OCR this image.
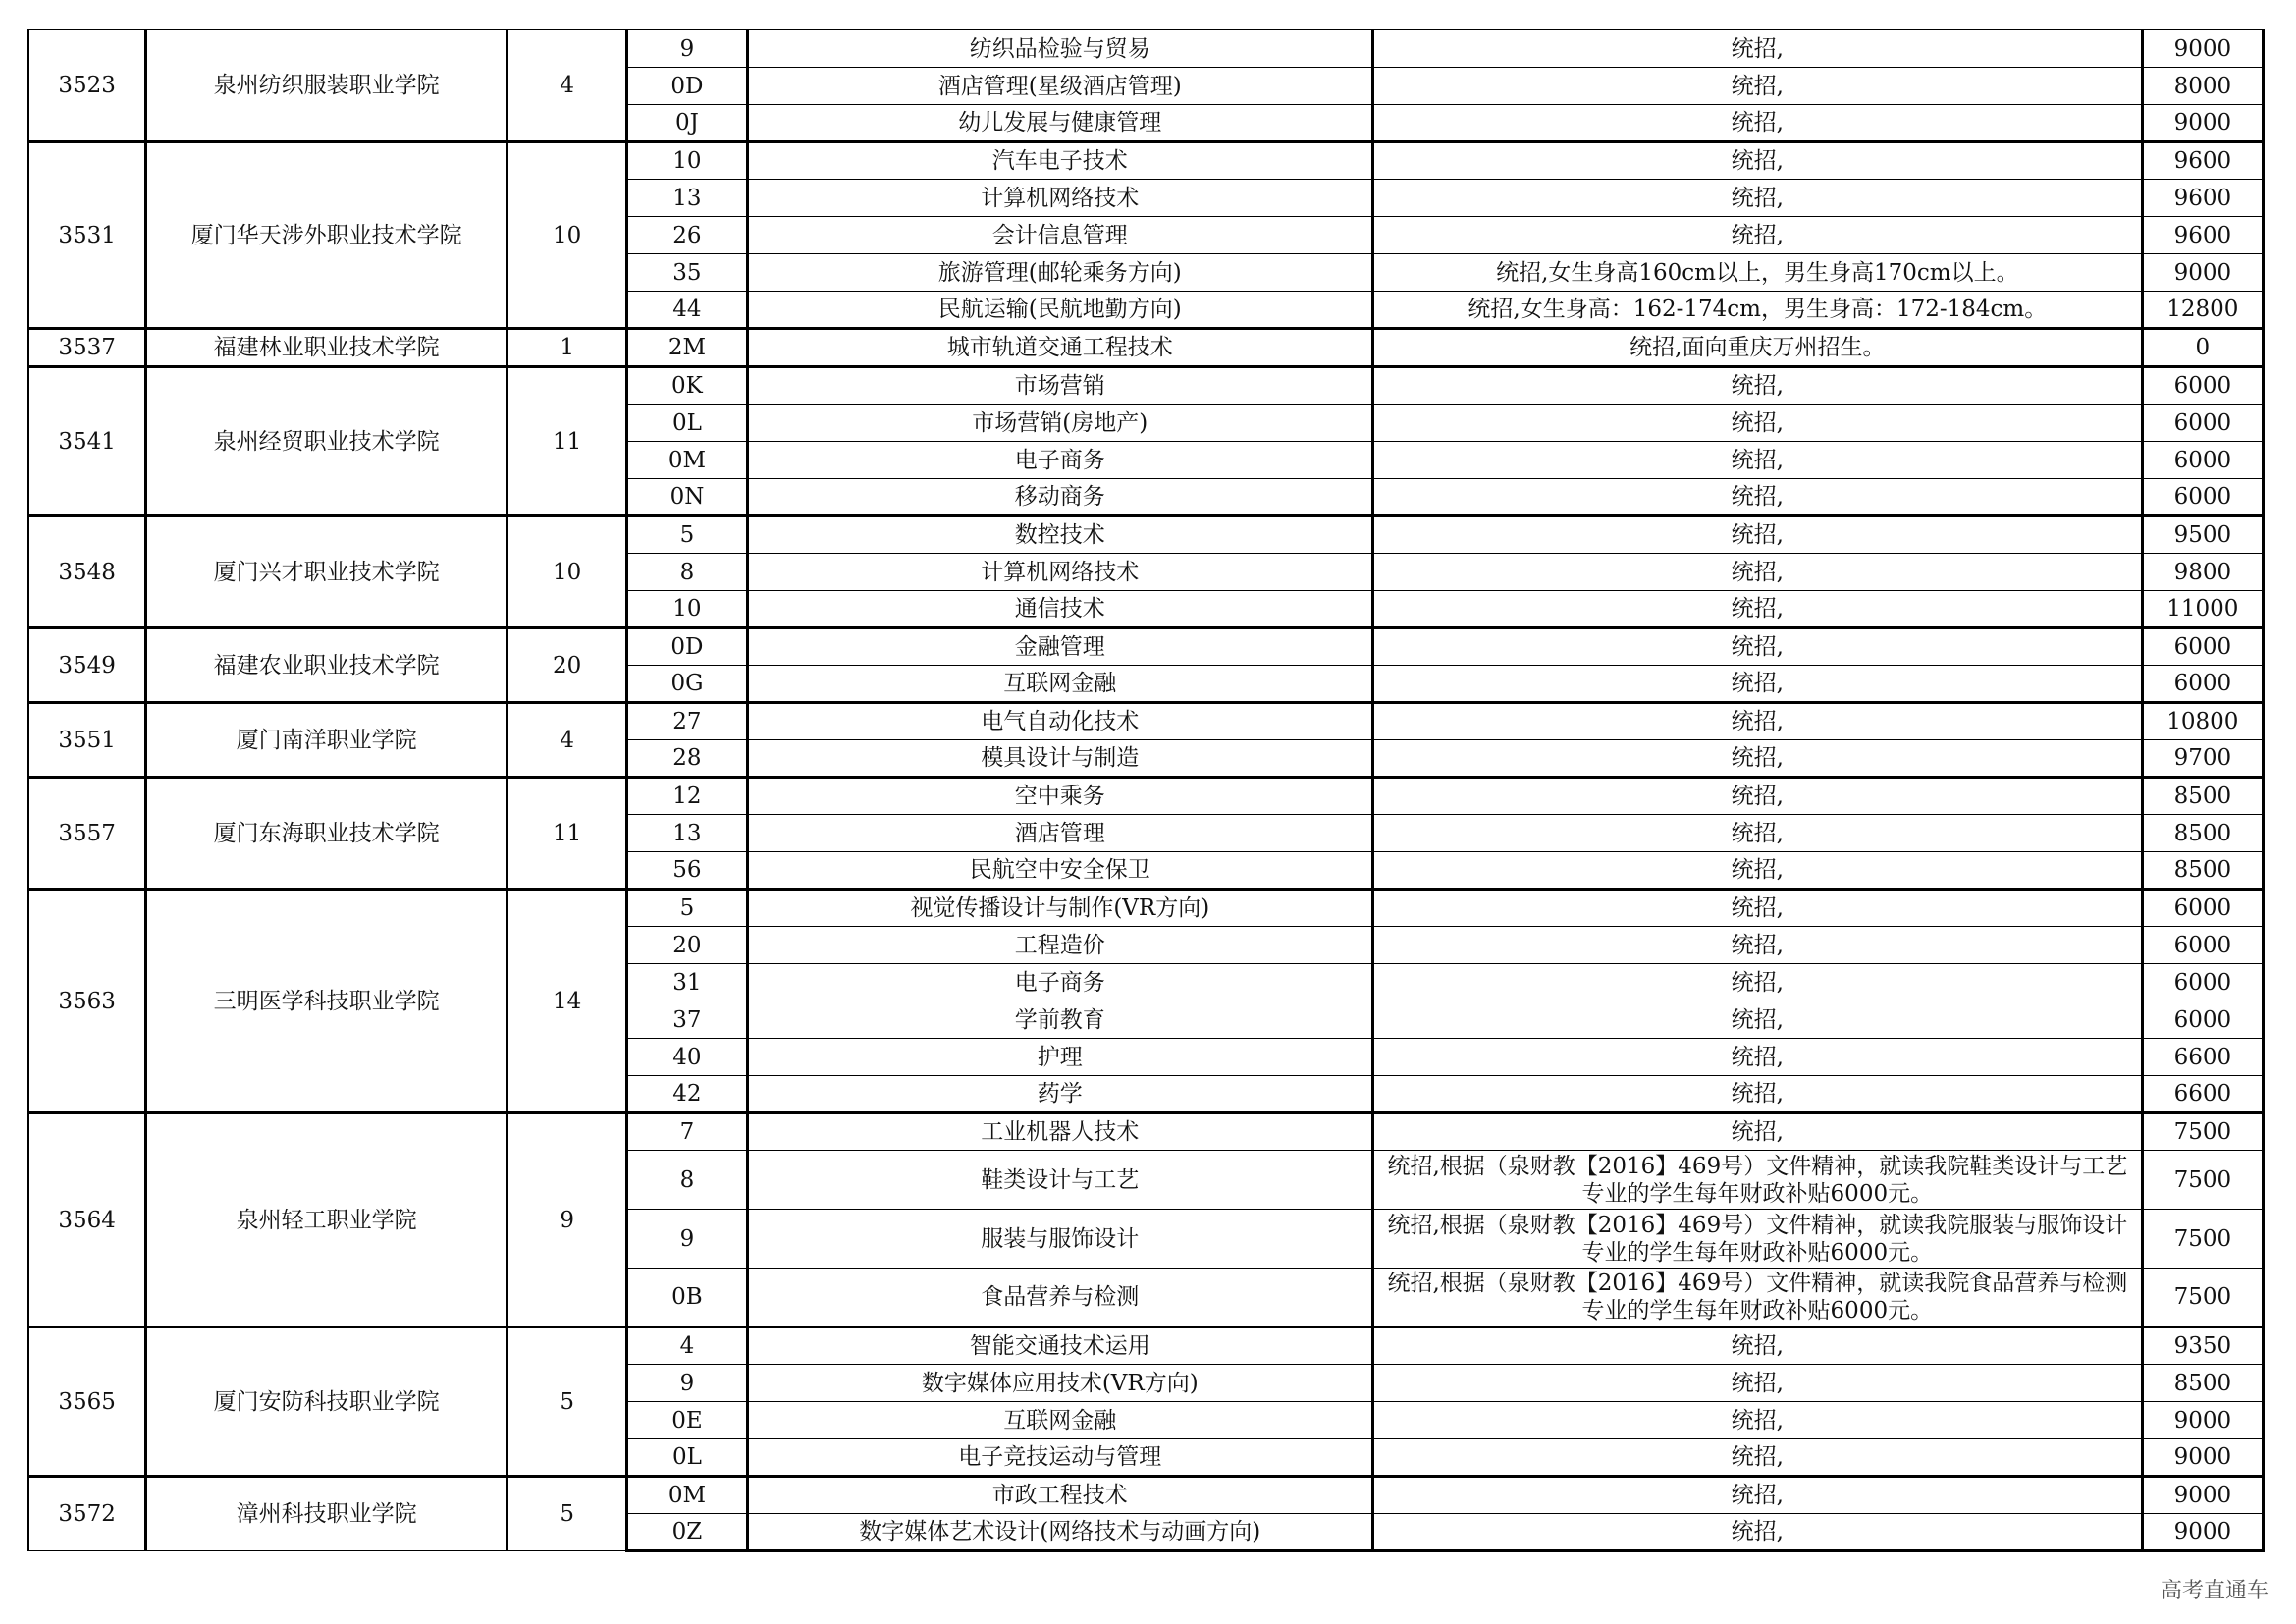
3523	泉州纺织服装职业学院	4	9	纺织品检验与贸易	统招,	9000
			0D	酒店管理(星级酒店管理)	统招,	8000
			0J	幼儿发展与健康管理	统招,	9000
3531	厦门华天涉外职业技术学院	10	10	汽车电子技术	统招,	9600
			13	计算机网络技术	统招,	9600
			26	会计信息管理	统招,	9600
			35	旅游管理(邮轮乘务方向)	统招,女生身高160cm以上，男生身高170cm以上。	9000
			44	民航运输(民航地勤方向)	统招,女生身高：162-174cm，男生身高：172-184cm。	12800
3537	福建林业职业技术学院	1	2M	城市轨道交通工程技术	统招,面向重庆万州招生。	0
3541	泉州经贸职业技术学院	11	0K	市场营销	统招,	6000
			0L	市场营销(房地产)	统招,	6000
			0M	电子商务	统招,	6000
			0N	移动商务	统招,	6000
3548	厦门兴才职业技术学院	10	5	数控技术	统招,	9500
			8	计算机网络技术	统招,	9800
			10	通信技术	统招,	11000
3549	福建农业职业技术学院	20	0D	金融管理	统招,	6000
			0G	互联网金融	统招,	6000
3551	厦门南洋职业学院	4	27	电气自动化技术	统招,	10800
			28	模具设计与制造	统招,	9700
3557	厦门东海职业技术学院	11	12	空中乘务	统招,	8500
			13	酒店管理	统招,	8500
			56	民航空中安全保卫	统招,	8500
3563	三明医学科技职业学院	14	5	视觉传播设计与制作(VR方向)	统招,	6000
			20	工程造价	统招,	6000
			31	电子商务	统招,	6000
			37	学前教育	统招,	6000
			40	护理	统招,	6600
			42	药学	统招,	6600
3564	泉州轻工职业学院	9	7	工业机器人技术	统招,	7500
			8	鞋类设计与工艺	统招,根据（泉财教【2016】469号）文件精神，就读我院鞋类设计与工艺专业的学生每年财政补贴6000元。	7500
			9	服装与服饰设计	统招,根据（泉财教【2016】469号）文件精神，就读我院服装与服饰设计专业的学生每年财政补贴6000元。	7500
			0B	食品营养与检测	统招,根据（泉财教【2016】469号）文件精神，就读我院食品营养与检测专业的学生每年财政补贴6000元。	7500
3565	厦门安防科技职业学院	5	4	智能交通技术运用	统招,	9350
			9	数字媒体应用技术(VR方向)	统招,	8500
			0E	互联网金融	统招,	9000
			0L	电子竞技运动与管理	统招,	9000
3572	漳州科技职业学院	5	0M	市政工程技术	统招,	9000
			0Z	数字媒体艺术设计(网络技术与动画方向)	统招,	9000
高考直通车
